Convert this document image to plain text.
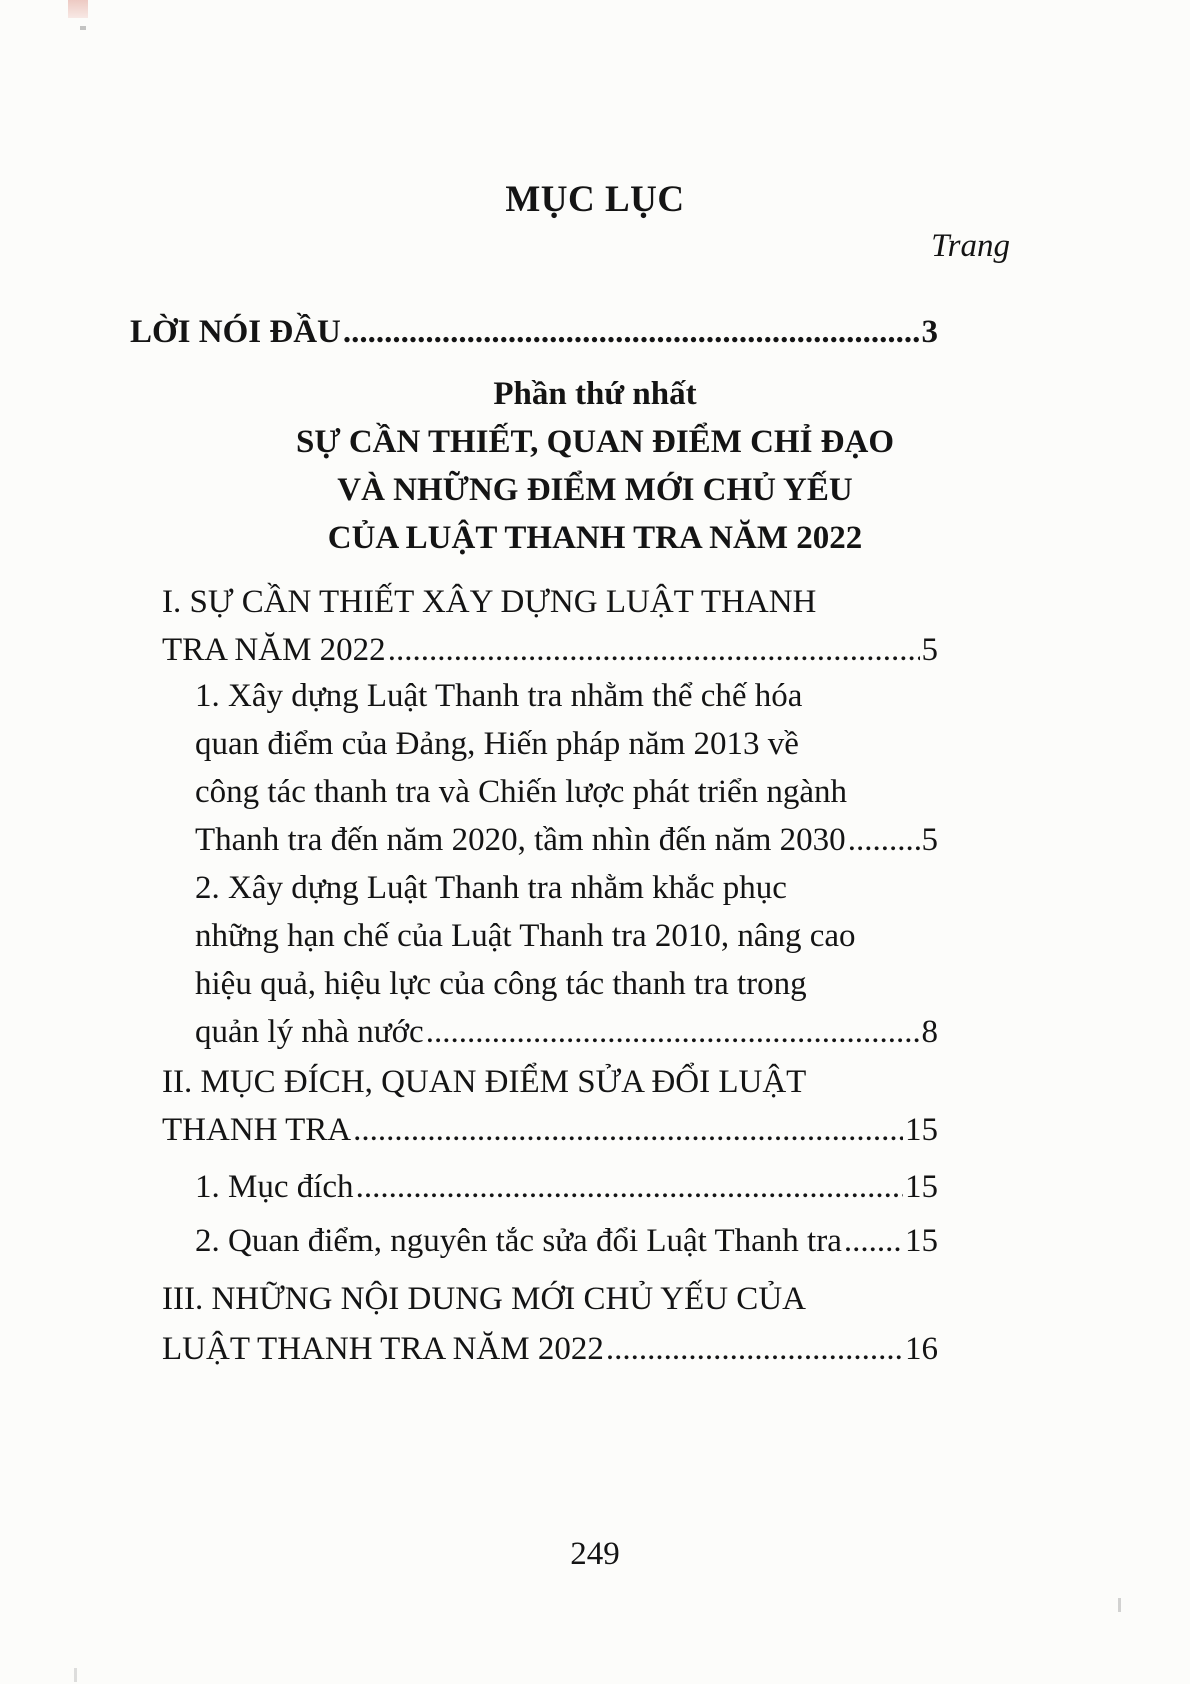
MỤC LỤC
Trang
LỜI NÓI ĐẦU .....	3
Phần thứ nhất
SỰ CẦN THIẾT, QUAN ĐIỂM CHỈ ĐẠO
VÀ NHỮNG ĐIỂM MỚI CHỦ YẾU
CỦA LUẬT THANH TRA NĂM 2022
I. SỰ CẦN THIẾT XÂY DỰNG LUẬT THANH
TRA NĂM 2022 .....	5
1. Xây dựng Luật Thanh tra nhằm thể chế hóa
quan điểm của Đảng, Hiến pháp năm 2013 về
công tác thanh tra và Chiến lược phát triển ngành
Thanh tra đến năm 2020, tầm nhìn đến năm 2030 ..... 5
2. Xây dựng Luật Thanh tra nhằm khắc phục
những hạn chế của Luật Thanh tra 2010, nâng cao
hiệu quả, hiệu lực của công tác thanh tra trong
quản lý nhà nước .....	8
II. MỤC ĐÍCH, QUAN ĐIỂM SỬA ĐỔI LUẬT
THANH TRA .....	15
1. Mục đích .....	15
2. Quan điểm, nguyên tắc sửa đổi Luật Thanh tra ..... 15
III. NHỮNG NỘI DUNG MỚI CHỦ YẾU CỦA
LUẬT THANH TRA NĂM 2022 .....	16
249
